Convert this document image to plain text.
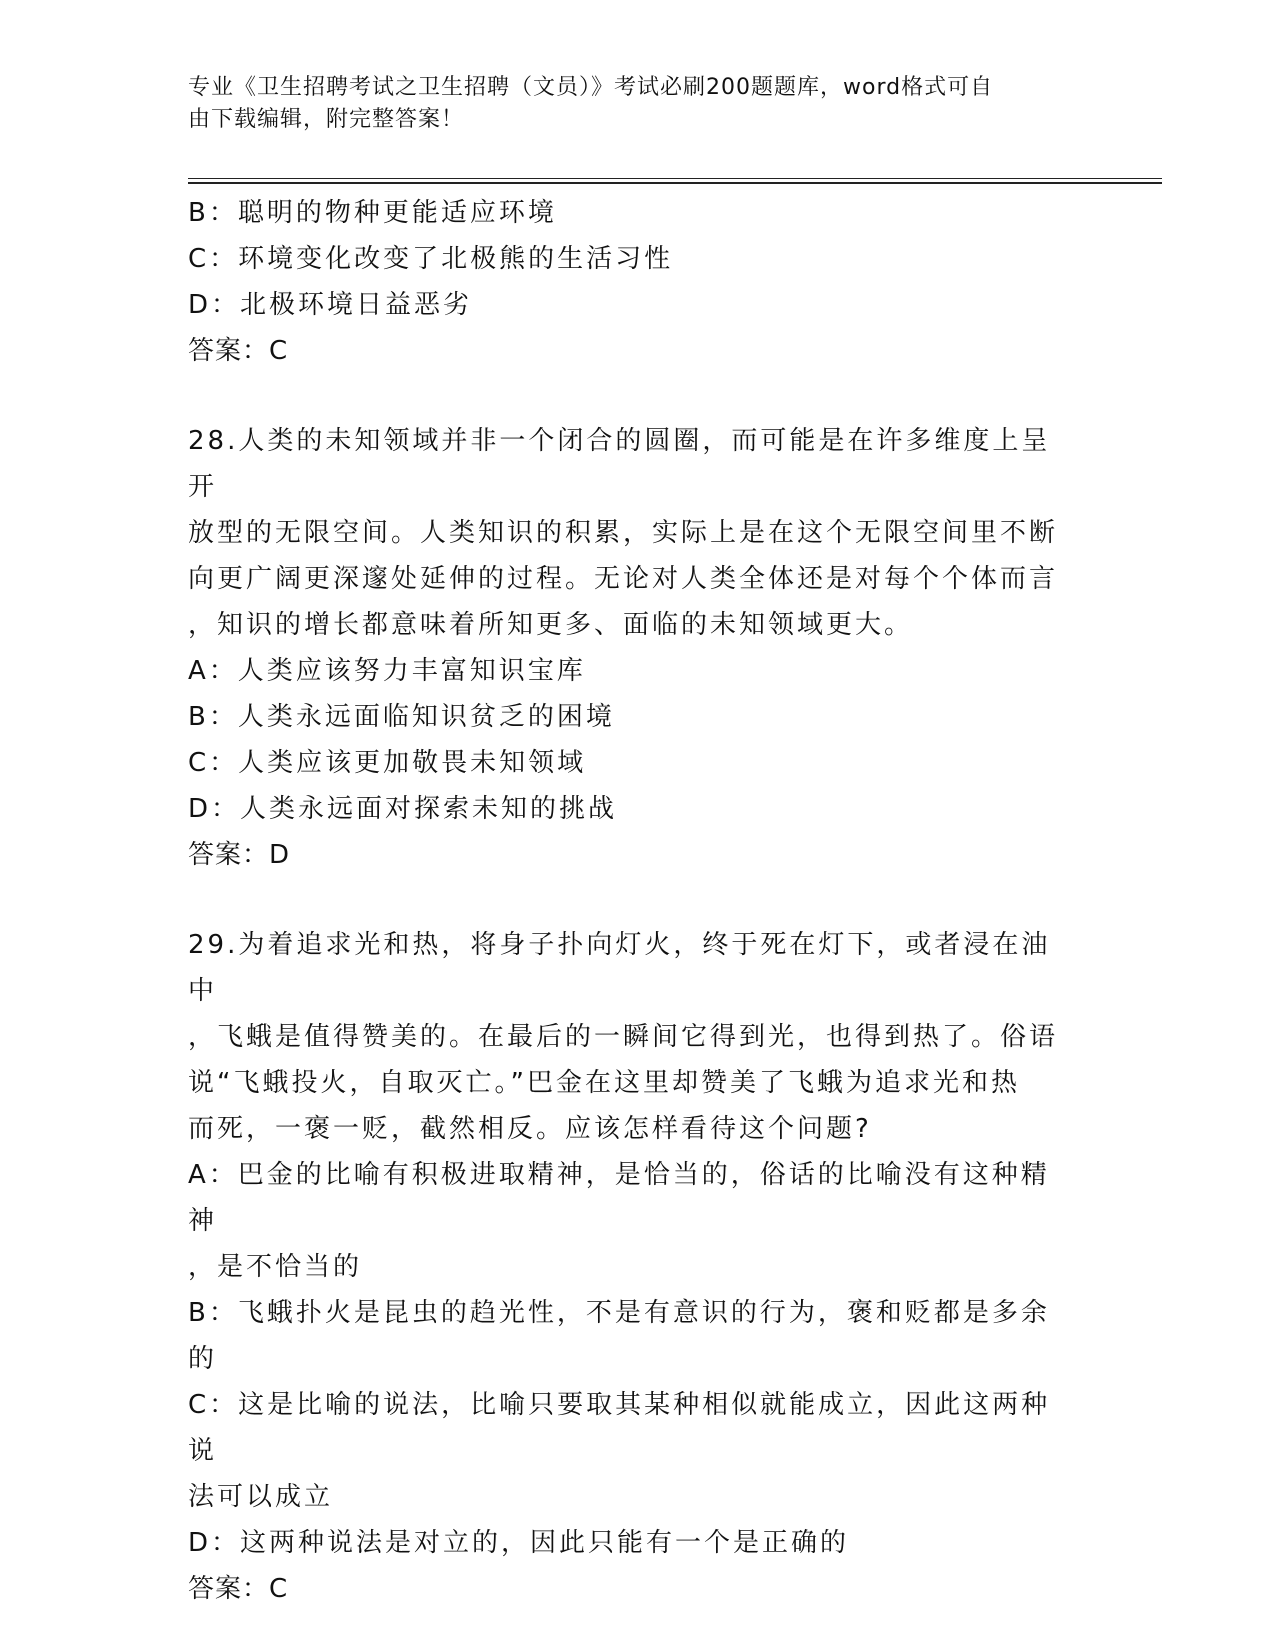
专业《卫生招聘考试之卫生招聘（文员）》考试必刷200题题库，word格式可自
由下载编辑，附完整答案！

B：聪明的物种更能适应环境

C：环境变化改变了北极熊的生活习性

D：北极环境日益恶劣

答案：C

28.人类的未知领域并非一个闭合的圆圈，而可能是在许多维度上呈开

放型的无限空间。人类知识的积累，实际上是在这个无限空间里不断

向更广阔更深邃处延伸的过程。无论对人类全体还是对每个个体而言

，知识的增长都意味着所知更多、面临的未知领域更大。

A：人类应该努力丰富知识宝库

B：人类永远面临知识贫乏的困境

C：人类应该更加敬畏未知领域

D：人类永远面对探索未知的挑战

答案：D

29.为着追求光和热，将身子扑向灯火，终于死在灯下，或者浸在油中

，飞蛾是值得赞美的。在最后的一瞬间它得到光，也得到热了。俗语

说“飞蛾投火，自取灭亡。”巴金在这里却赞美了飞蛾为追求光和热

而死，一褒一贬，截然相反。应该怎样看待这个问题?

A：巴金的比喻有积极进取精神，是恰当的，俗话的比喻没有这种精神

，是不恰当的

B：飞蛾扑火是昆虫的趋光性，不是有意识的行为，褒和贬都是多余的

C：这是比喻的说法，比喻只要取其某种相似就能成立，因此这两种说

法可以成立

D：这两种说法是对立的，因此只能有一个是正确的

答案：C
